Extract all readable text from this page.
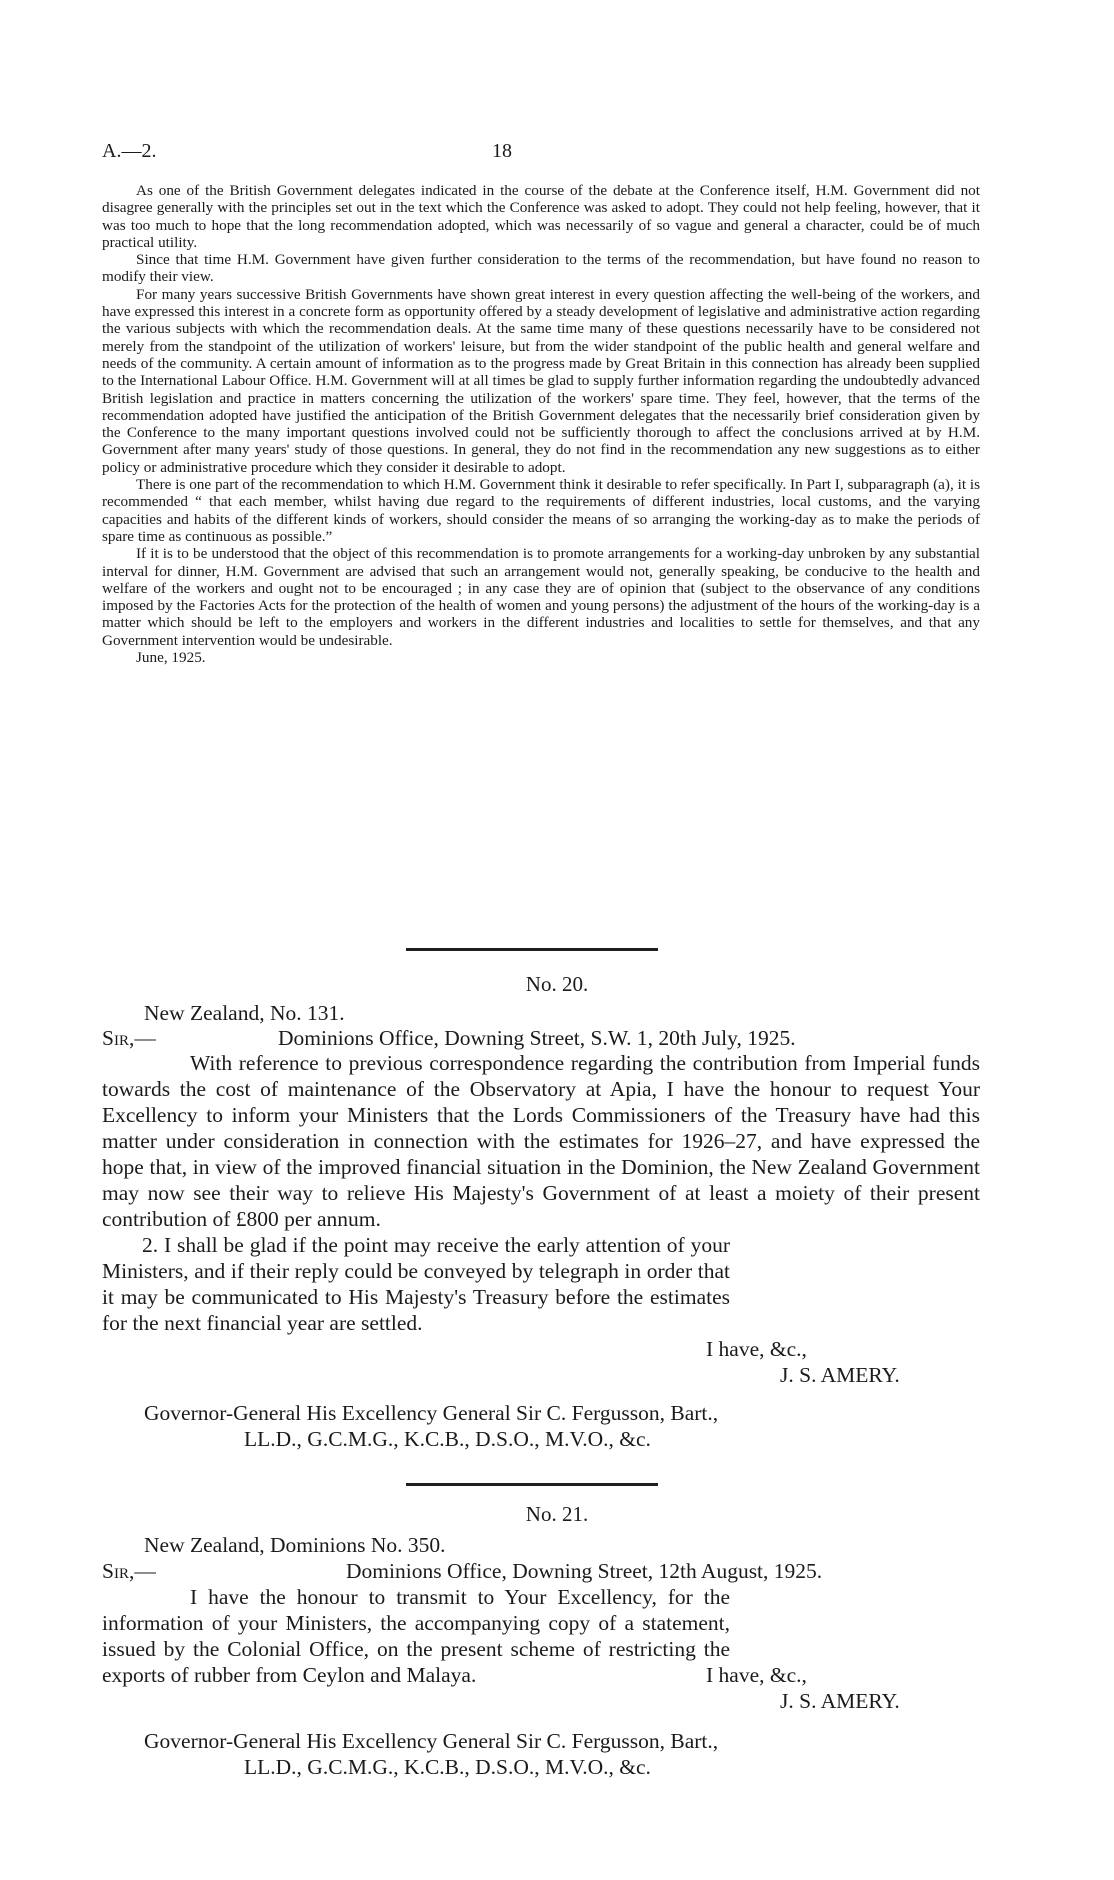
A.—2.	18

As one of the British Government delegates indicated in the course of the debate at the Conference itself, H.M. Government did not disagree generally with the principles set out in the text which the Conference was asked to adopt. They could not help feeling, however, that it was too much to hope that the long recommendation adopted, which was necessarily of so vague and general a character, could be of much practical utility.

Since that time H.M. Government have given further consideration to the terms of the recommendation, but have found no reason to modify their view.

For many years successive British Governments have shown great interest in every question affecting the well-being of the workers, and have expressed this interest in a concrete form as opportunity offered by a steady development of legislative and administrative action regarding the various subjects with which the recommendation deals. At the same time many of these questions necessarily have to be considered not merely from the standpoint of the utilization of workers' leisure, but from the wider standpoint of the public health and general welfare and needs of the community. A certain amount of information as to the progress made by Great Britain in this connection has already been supplied to the International Labour Office. H.M. Government will at all times be glad to supply further information regarding the undoubtedly advanced British legislation and practice in matters concerning the utilization of the workers' spare time. They feel, however, that the terms of the recommendation adopted have justified the anticipation of the British Government delegates that the necessarily brief consideration given by the Conference to the many important questions involved could not be sufficiently thorough to affect the conclusions arrived at by H.M. Government after many years' study of those questions. In general, they do not find in the recommendation any new suggestions as to either policy or administrative procedure which they consider it desirable to adopt.

There is one part of the recommendation to which H.M. Government think it desirable to refer specifically. In Part I, subparagraph (a), it is recommended “ that each member, whilst having due regard to the requirements of different industries, local customs, and the varying capacities and habits of the different kinds of workers, should consider the means of so arranging the working-day as to make the periods of spare time as continuous as possible.”

If it is to be understood that the object of this recommendation is to promote arrangements for a working-day unbroken by any substantial interval for dinner, H.M. Government are advised that such an arrangement would not, generally speaking, be conducive to the health and welfare of the workers and ought not to be encouraged ; in any case they are of opinion that (subject to the observance of any conditions imposed by the Factories Acts for the protection of the health of women and young persons) the adjustment of the hours of the working-day is a matter which should be left to the employers and workers in the different industries and localities to settle for themselves, and that any Government intervention would be undesirable.

June, 1925.

No. 20.
New Zealand, No. 131.
Sir,—	Dominions Office, Downing Street, S.W. 1, 20th July, 1925.

With reference to previous correspondence regarding the contribution from Imperial funds towards the cost of maintenance of the Observatory at Apia, I have the honour to request Your Excellency to inform your Ministers that the Lords Commissioners of the Treasury have had this matter under consideration in connection with the estimates for 1926–27, and have expressed the hope that, in view of the improved financial situation in the Dominion, the New Zealand Government may now see their way to relieve His Majesty's Government of at least a moiety of their present contribution of £800 per annum.

2. I shall be glad if the point may receive the early attention of your Ministers, and if their reply could be conveyed by telegraph in order that it may be communicated to His Majesty's Treasury before the estimates for the next financial year are settled.

I have, &c.,
J. S. AMERY.
Governor-General His Excellency General Sir C. Fergusson, Bart.,
LL.D., G.C.M.G., K.C.B., D.S.O., M.V.O., &c.
No. 21.
New Zealand, Dominions No. 350.
Sir,—	Dominions Office, Downing Street, 12th August, 1925.

I have the honour to transmit to Your Excellency, for the information of your Ministers, the accompanying copy of a statement, issued by the Colonial Office, on the present scheme of restricting the exports of rubber from Ceylon and Malaya.	I have, &c.,
J. S. AMERY.
Governor-General His Excellency General Sir C. Fergusson, Bart.,
LL.D., G.C.M.G., K.C.B., D.S.O., M.V.O., &c.
